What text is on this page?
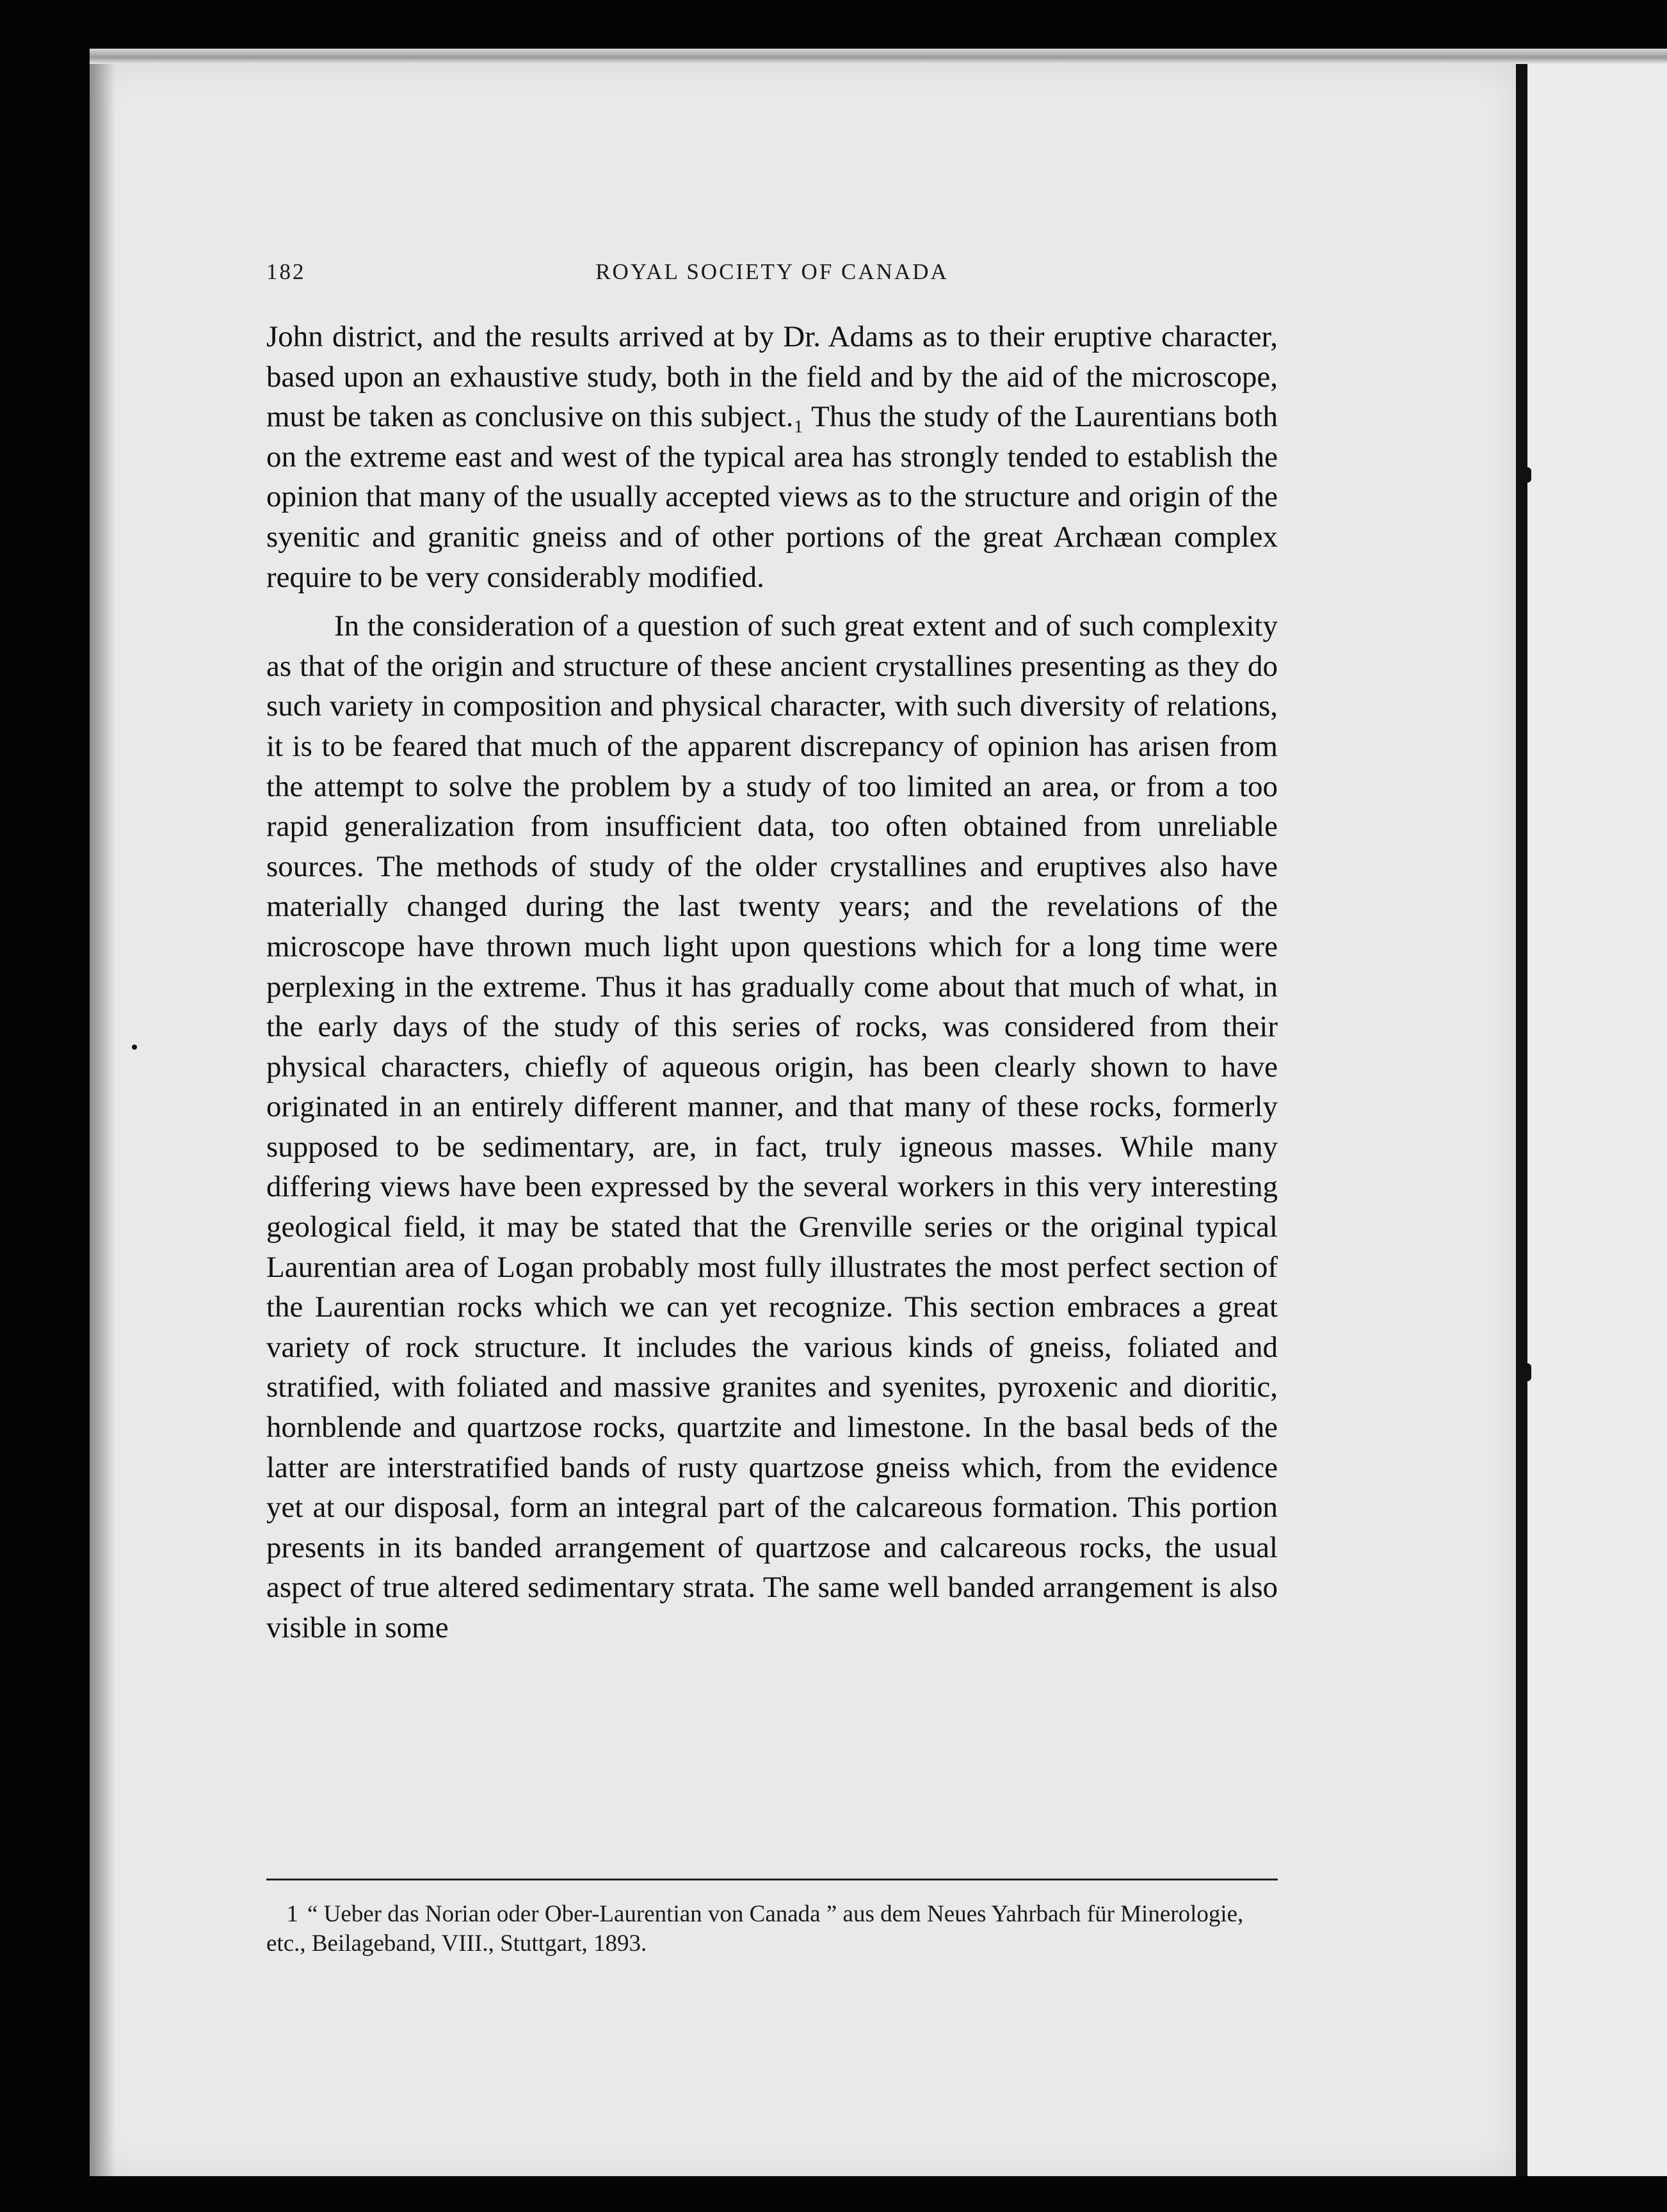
182	ROYAL SOCIETY OF CANADA

John district, and the results arrived at by Dr. Adams as to their eruptive character, based upon an exhaustive study, both in the field and by the aid of the microscope, must be taken as conclusive on this subject.₁ Thus the study of the Laurentians both on the extreme east and west of the typical area has strongly tended to establish the opinion that many of the usually accepted views as to the structure and origin of the syenitic and granitic gneiss and of other portions of the great Archæan complex require to be very considerably modified.

In the consideration of a question of such great extent and of such complexity as that of the origin and structure of these ancient crystallines presenting as they do such variety in composition and physical character, with such diversity of relations, it is to be feared that much of the apparent discrepancy of opinion has arisen from the attempt to solve the problem by a study of too limited an area, or from a too rapid generalization from insufficient data, too often obtained from unreliable sources. The methods of study of the older crystallines and eruptives also have materially changed during the last twenty years; and the revelations of the microscope have thrown much light upon questions which for a long time were perplexing in the extreme. Thus it has gradually come about that much of what, in the early days of the study of this series of rocks, was considered from their physical characters, chiefly of aqueous origin, has been clearly shown to have originated in an entirely different manner, and that many of these rocks, formerly supposed to be sedimentary, are, in fact, truly igneous masses. While many differing views have been expressed by the several workers in this very interesting geological field, it may be stated that the Grenville series or the original typical Laurentian area of Logan probably most fully illustrates the most perfect section of the Laurentian rocks which we can yet recognize. This section embraces a great variety of rock structure. It includes the various kinds of gneiss, foliated and stratified, with foliated and massive granites and syenites, pyroxenic and dioritic, hornblende and quartzose rocks, quartzite and limestone. In the basal beds of the latter are interstratified bands of rusty quartzose gneiss which, from the evidence yet at our disposal, form an integral part of the calcareous formation. This portion presents in its banded arrangement of quartzose and calcareous rocks, the usual aspect of true altered sedimentary strata. The same well banded arrangement is also visible in some

1 “ Ueber das Norian oder Ober-Laurentian von Canada ” aus dem Neues Yahrbach für Minerologie, etc., Beilageband, VIII., Stuttgart, 1893.
